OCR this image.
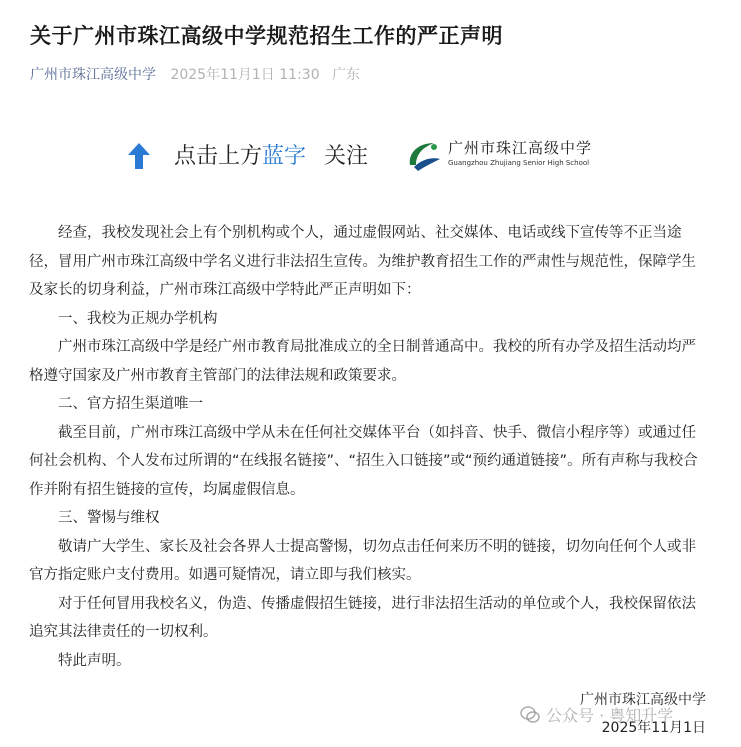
关于广州市珠江高级中学规范招生工作的严正声明
广州市珠江高级中学 2025年11月1日 11:30 广东
点击上方蓝字 关注	广州市珠江高级中学
Guangzhou Zhujiang Senior High School

经查，我校发现社会上有个别机构或个人，通过虚假网站、社交媒体、电话或线下宣传等不正当途径，冒用广州市珠江高级中学名义进行非法招生宣传。为维护教育招生工作的严肃性与规范性，保障学生及家长的切身利益，广州市珠江高级中学特此严正声明如下：

一、我校为正规办学机构

广州市珠江高级中学是经广州市教育局批准成立的全日制普通高中。我校的所有办学及招生活动均严格遵守国家及广州市教育主管部门的法律法规和政策要求。

二、官方招生渠道唯一

截至目前，广州市珠江高级中学从未在任何社交媒体平台（如抖音、快手、微信小程序等）或通过任何社会机构、个人发布过所谓的“在线报名链接”、“招生入口链接”或“预约通道链接”。所有声称与我校合作并附有招生链接的宣传，均属虚假信息。

三、警惕与维权

敬请广大学生、家长及社会各界人士提高警惕，切勿点击任何来历不明的链接，切勿向任何个人或非官方指定账户支付费用。如遇可疑情况，请立即与我们核实。

对于任何冒用我校名义，伪造、传播虚假招生链接，进行非法招生活动的单位或个人，我校保留依法追究其法律责任的一切权利。

特此声明。

广州市珠江高级中学
2025年11月1日
公众号 · 粤知升学
